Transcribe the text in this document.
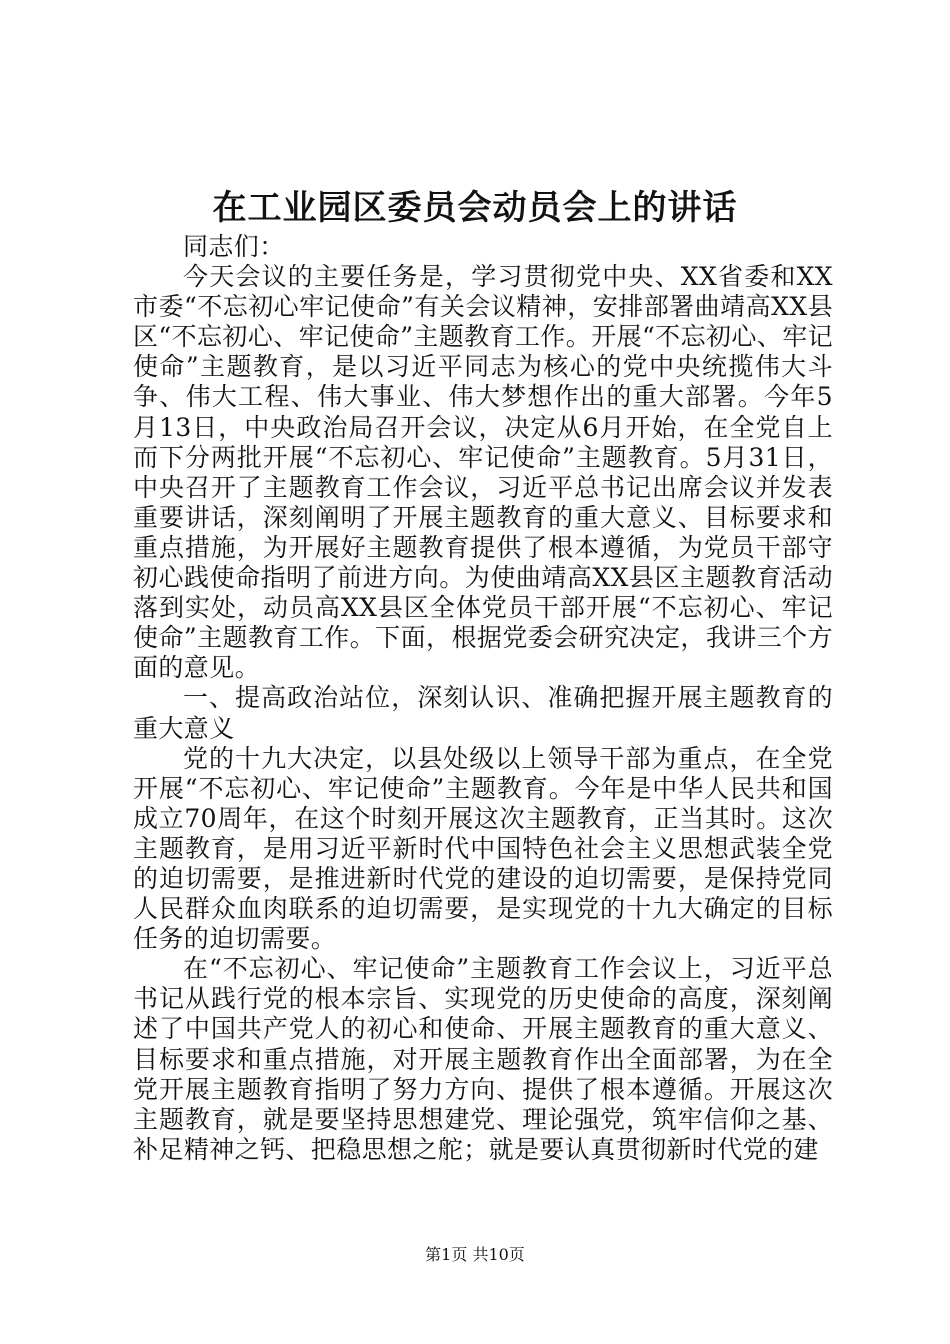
在工业园区委员会动员会上的讲话

同志们：

今天会议的主要任务是，学习贯彻党中央、XX省委和XX市委“不忘初心牢记使命”有关会议精神，安排部署曲靖高XX县区“不忘初心、牢记使命”主题教育工作。开展“不忘初心、牢记使命”主题教育，是以习近平同志为核心的党中央统揽伟大斗争、伟大工程、伟大事业、伟大梦想作出的重大部署。今年5月13日，中央政治局召开会议，决定从6月开始，在全党自上而下分两批开展“不忘初心、牢记使命”主题教育。5月31日，中央召开了主题教育工作会议，习近平总书记出席会议并发表重要讲话，深刻阐明了开展主题教育的重大意义、目标要求和重点措施，为开展好主题教育提供了根本遵循，为党员干部守初心践使命指明了前进方向。为使曲靖高XX县区主题教育活动落到实处，动员高XX县区全体党员干部开展“不忘初心、牢记使命”主题教育工作。下面，根据党委会研究决定，我讲三个方面的意见。

一、提高政治站位，深刻认识、准确把握开展主题教育的重大意义

党的十九大决定，以县处级以上领导干部为重点，在全党开展“不忘初心、牢记使命”主题教育。今年是中华人民共和国成立70周年，在这个时刻开展这次主题教育，正当其时。这次主题教育，是用习近平新时代中国特色社会主义思想武装全党的迫切需要，是推进新时代党的建设的迫切需要，是保持党同人民群众血肉联系的迫切需要，是实现党的十九大确定的目标任务的迫切需要。

在“不忘初心、牢记使命”主题教育工作会议上，习近平总书记从践行党的根本宗旨、实现党的历史使命的高度，深刻阐述了中国共产党人的初心和使命、开展主题教育的重大意义、目标要求和重点措施，对开展主题教育作出全面部署，为在全党开展主题教育指明了努力方向、提供了根本遵循。开展这次主题教育，就是要坚持思想建党、理论强党，筑牢信仰之基、补足精神之钙、把稳思想之舵；就是要认真贯彻新时代党的建

第1页 共10页
